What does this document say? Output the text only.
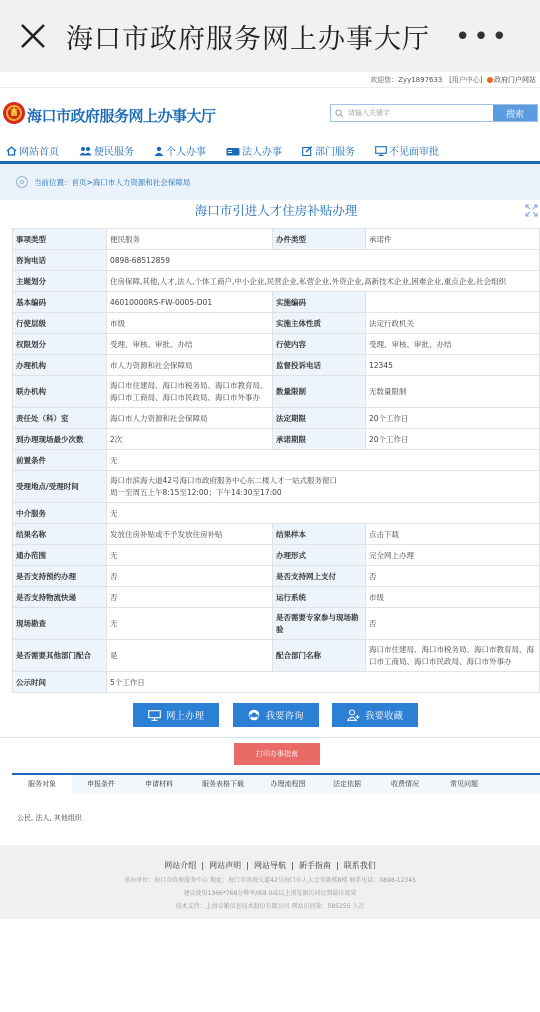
海口市政府服务网上办事大厅 •••
欢迎您：Zyy1897633 [用户中心] 政府门户网站
海口市政府服务网上办事大厅	请输入关键字	搜索
网站首页	便民服务	个人办事	法人办事	部门服务	不见面审批
当前位置： 首页 > 海口市人力资源和社会保障局
海口市引进人才住房补贴办理
事项类型	便民服务	办件类型	承诺件
咨询电话	0898-68512859		
主题划分	住房保障,其他,人才,法人,个体工商户,中小企业,民营企业,私营企业,外资企业,高新技术企业,困难企业,重点企业,社会组织		
基本编码	46010000RS-FW-0005-D01	实施编码	
行使层级	市级	实施主体性质	法定行政机关
权限划分	受理、审核、审批、办结	行使内容	受理、审核、审批、办结
办理机构	市人力资源和社会保障局	监督投诉电话	12345
联办机构	海口市住建局、海口市税务局、海口市教育局、海口市工商局、海口市民政局、海口市外事办	数量限制	无数量限制
责任处（科）室	海口市人力资源和社会保障局	法定期限	20个工作日
到办理现场最少次数	2次	承诺期限	20个工作日
前置条件	无		
受理地点/受理时间	海口市滨海大道42号海口市政府服务中心东二楼人才一站式服务窗口
周一至周五上午8:15至12:00；下午14:30至17:00		

中介服务	无		
结果名称	发放住房补贴或不予发放住房补贴	结果样本	点击下载
通办范围	无	办理形式	完全网上办理
是否支持预约办理	否	是否支持网上支付	否
是否支持物流快递	否	运行系统	市级
现场勘查	无	是否需要专家参与现场勘验	否
是否需要其他部门配合	是	配合部门名称	海口市住建局、海口市税务局、海口市教育局、海口市工商局、海口市民政局、海口市外事办
公示时间	5个工作日		
网上办理	我要咨询	我要收藏
打印办事指南
服务对象	申报条件	申请材料	服务表格下载	办理流程图	法定依据	收费情况	常见问题
公民, 法人, 其他组织
网站介绍  |  网站声明  |  网站导航  |  新手指南  |  联系我们
承办单位：海口市政府服务中心 地址：海口市滨海大道42号海口市人大会堂副楼8楼 联系电话：0898-12345
建议使用1366*768分辨率/IE8.0或以上浏览器访问达到最佳效果
技术支持：上海卓繁信息技术股份有限公司 网站访问量：585255 人次
